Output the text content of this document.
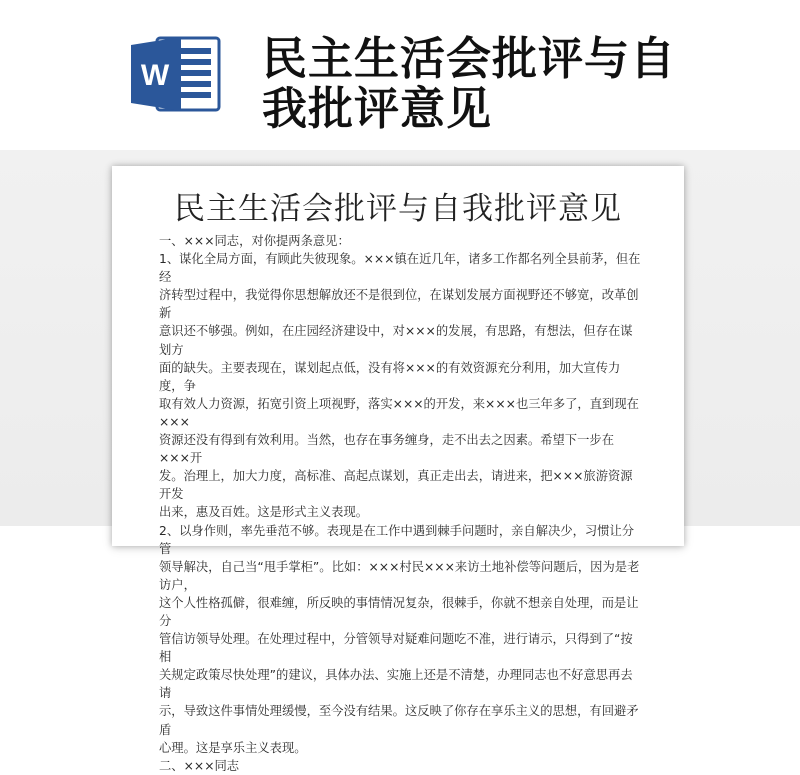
W 民主生活会批评与自
我批评意见
民主生活会批评与自我批评意见

一、×××同志，对你提两条意见：

1、谋化全局方面，有顾此失彼现象。×××镇在近几年，诸多工作都名列全县前茅，但在经

济转型过程中，我觉得你思想解放还不是很到位，在谋划发展方面视野还不够宽，改革创新

意识还不够强。例如，在庄园经济建设中，对×××的发展，有思路，有想法，但存在谋划方

面的缺失。主要表现在，谋划起点低，没有将×××的有效资源充分利用，加大宣传力度，争

取有效人力资源，拓宽引资上项视野，落实×××的开发，来×××也三年多了，直到现在×××

资源还没有得到有效利用。当然，也存在事务缠身，走不出去之因素。希望下一步在×××开

发。治理上，加大力度，高标准、高起点谋划，真正走出去，请进来，把×××旅游资源开发

出来，惠及百姓。这是形式主义表现。

2、以身作则，率先垂范不够。表现是在工作中遇到棘手问题时，亲自解决少，习惯让分管

领导解决，自己当“甩手掌柜”。比如：×××村民×××来访土地补偿等问题后，因为是老访户，

这个人性格孤僻，很难缠，所反映的事情情况复杂，很棘手，你就不想亲自处理，而是让分

管信访领导处理。在处理过程中，分管领导对疑难问题吃不准，进行请示，只得到了“按相

关规定政策尽快处理”的建议，具体办法、实施上还是不清楚，办理同志也不好意思再去请

示，导致这件事情处理缓慢，至今没有结果。这反映了你存在享乐主义的思想，有回避矛盾

心理。这是享乐主义表现。

二、×××同志
